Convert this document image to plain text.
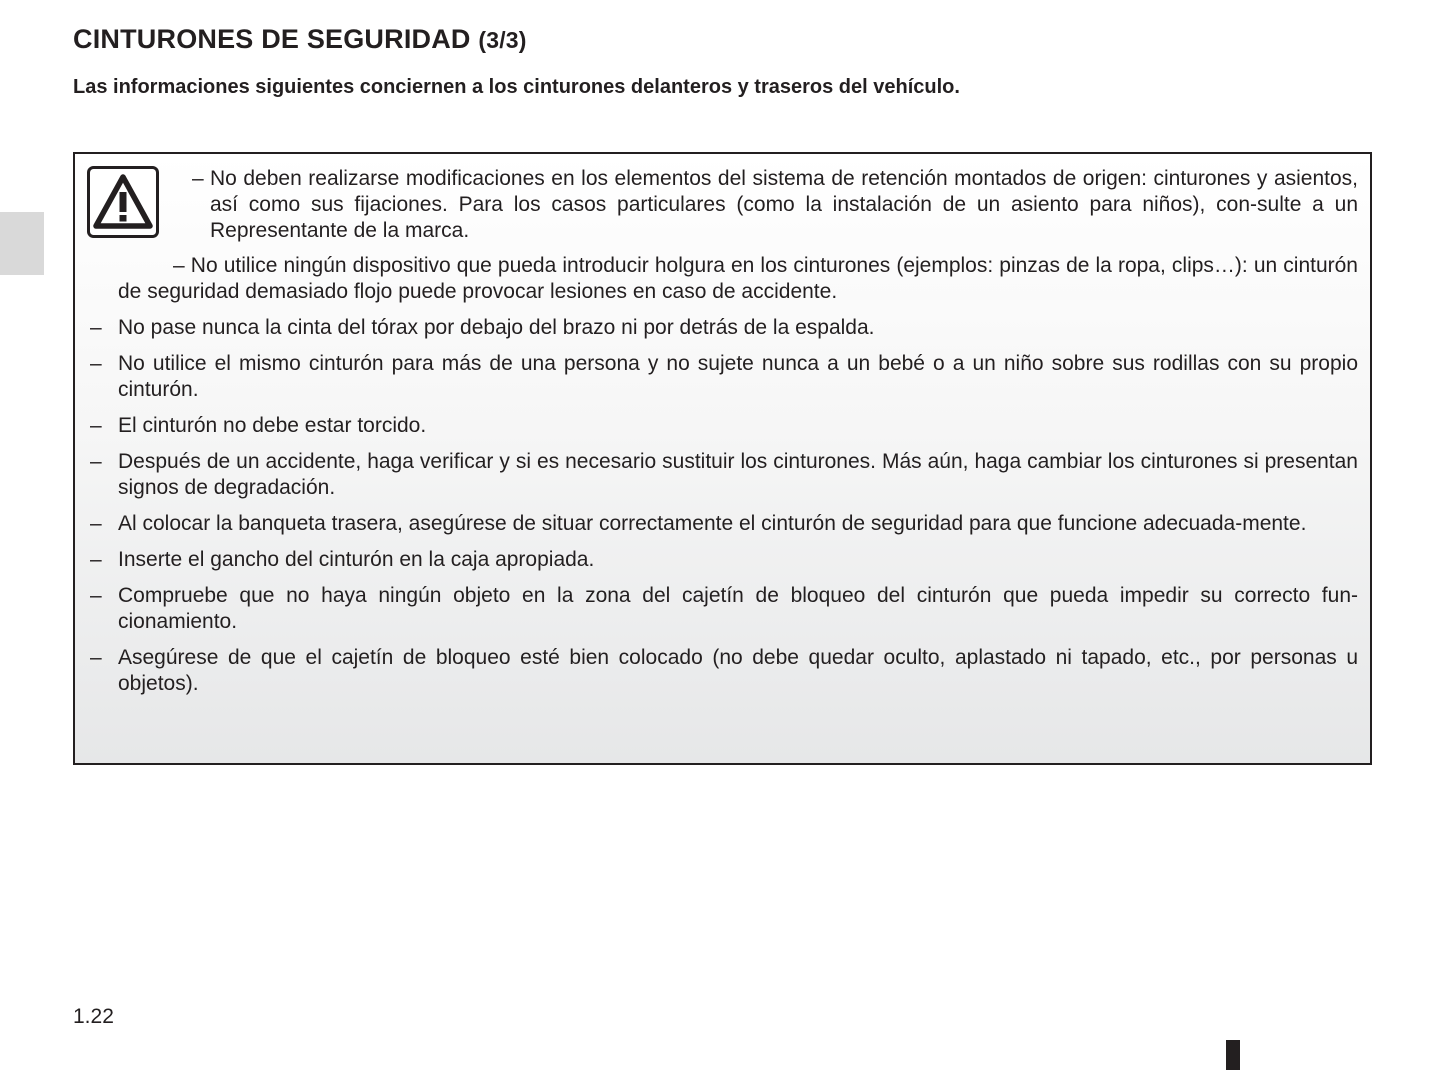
CINTURONES DE SEGURIDAD (3/3)

Las informaciones siguientes conciernen a los cinturones delanteros y traseros del vehículo.

– No deben realizarse modificaciones en los elementos del sistema de retención montados de origen: cinturones y asientos, así como sus fijaciones. Para los casos particulares (como la instalación de un asiento para niños), con-sulte a un Representante de la marca.
– No utilice ningún dispositivo que pueda introducir holgura en los cinturones (ejemplos: pinzas de la ropa, clips…): un cinturón de seguridad demasiado flojo puede provocar lesiones en caso de accidente.
– No pase nunca la cinta del tórax por debajo del brazo ni por detrás de la espalda.
– No utilice el mismo cinturón para más de una persona y no sujete nunca a un bebé o a un niño sobre sus rodillas con su propio cinturón.
– El cinturón no debe estar torcido.
– Después de un accidente, haga verificar y si es necesario sustituir los cinturones. Más aún, haga cambiar los cinturones si presentan signos de degradación.
– Al colocar la banqueta trasera, asegúrese de situar correctamente el cinturón de seguridad para que funcione adecuada-mente.
– Inserte el gancho del cinturón en la caja apropiada.
– Compruebe que no haya ningún objeto en la zona del cajetín de bloqueo del cinturón que pueda impedir su correcto fun-cionamiento.
– Asegúrese de que el cajetín de bloqueo esté bien colocado (no debe quedar oculto, aplastado ni tapado, etc., por personas u objetos).
1.22
